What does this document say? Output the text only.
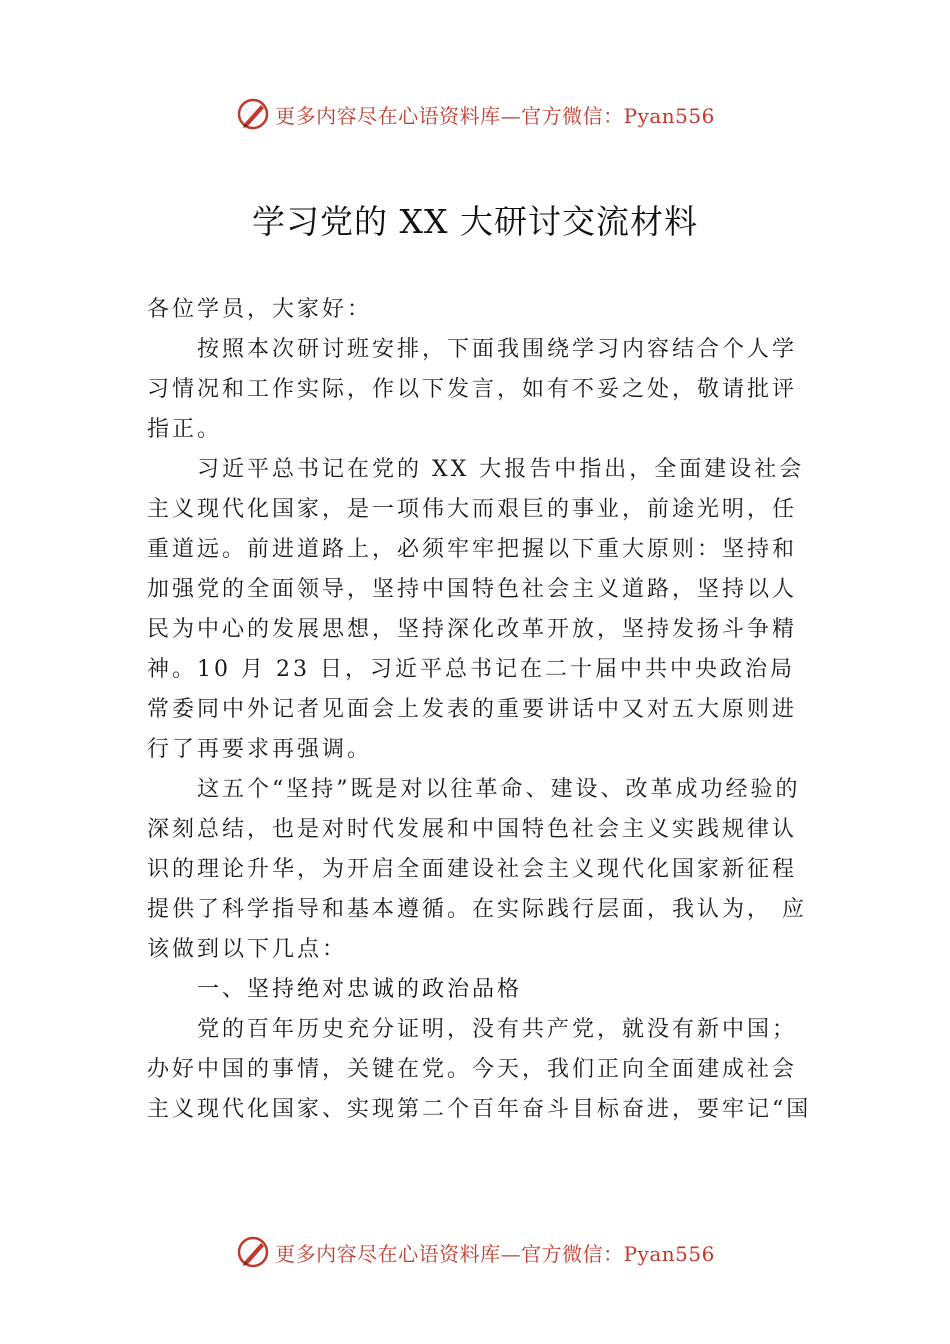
更多内容尽在心语资料库—官方微信：Pyan556
学习党的 XX 大研讨交流材料

各位学员，大家好：

按照本次研讨班安排，下面我围绕学习内容结合个人学习情况和工作实际，作以下发言，如有不妥之处，敬请批评指正。

习近平总书记在党的 XX 大报告中指出，全面建设社会主义现代化国家，是一项伟大而艰巨的事业，前途光明，任重道远。前进道路上，必须牢牢把握以下重大原则：坚持和加强党的全面领导，坚持中国特色社会主义道路，坚持以人民为中心的发展思想，坚持深化改革开放，坚持发扬斗争精神。10 月 23 日，习近平总书记在二十届中共中央政治局常委同中外记者见面会上发表的重要讲话中又对五大原则进行了再要求再强调。

这五个“坚持”既是对以往革命、建设、改革成功经验的深刻总结，也是对时代发展和中国特色社会主义实践规律认识的理论升华，为开启全面建设社会主义现代化国家新征程提供了科学指导和基本遵循。在实际践行层面，我认为， 应该做到以下几点：

一、坚持绝对忠诚的政治品格

党的百年历史充分证明，没有共产党，就没有新中国；办好中国的事情，关键在党。今天，我们正向全面建成社会主义现代化国家、实现第二个百年奋斗目标奋进，要牢记“国

更多内容尽在心语资料库—官方微信：Pyan556
